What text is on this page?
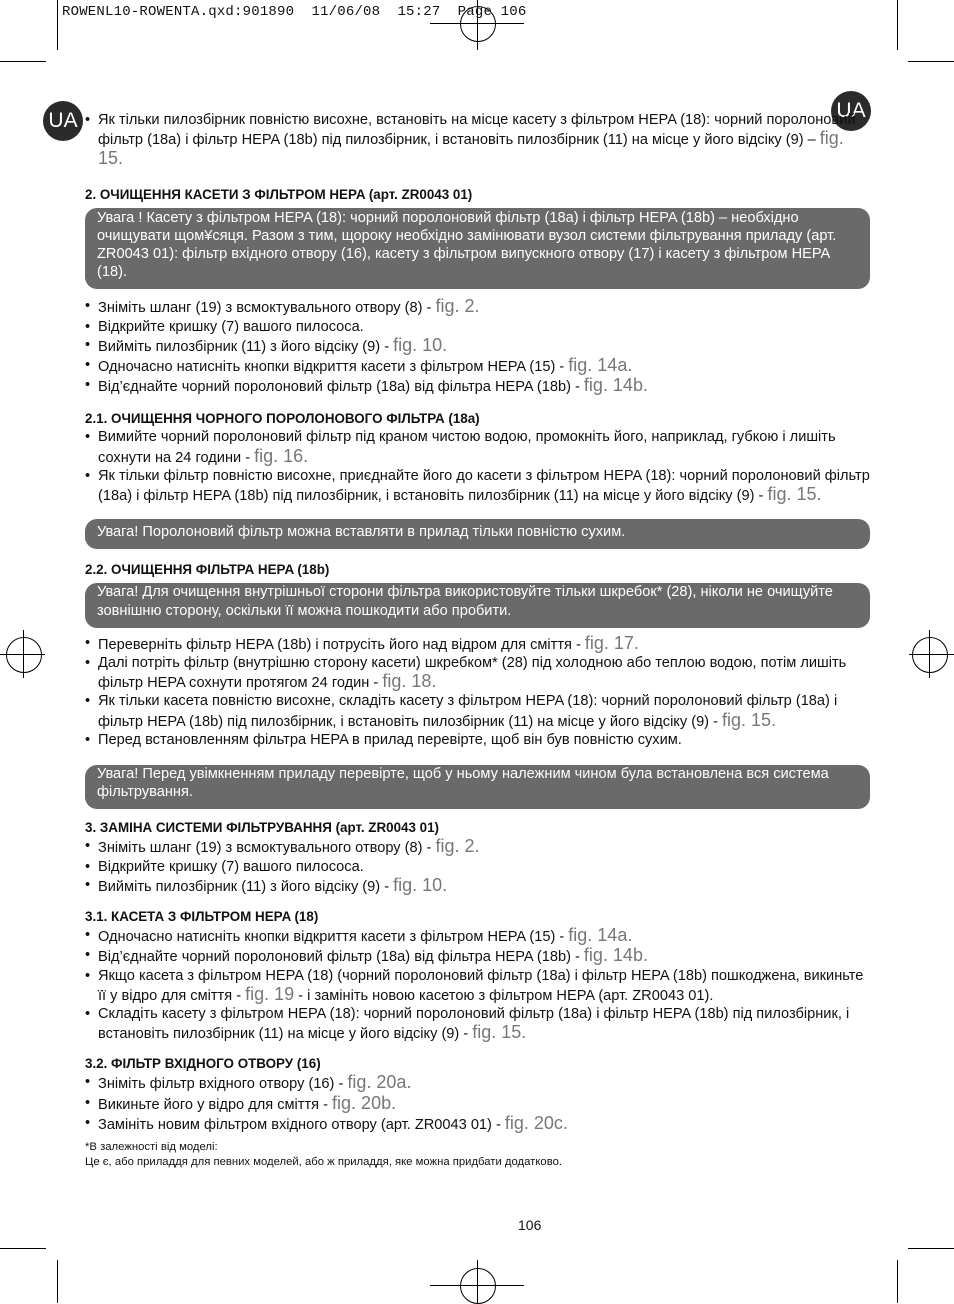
ROWENL10-ROWENTA.qxd:901890  11/06/08  15:27  Page 106
UA	UA
• Як тільки пилозбірник повністю висохне, встановіть на місце касету з фільтром HEPA (18): чорний поролоновий фільтр (18a) і фільтр HEPA (18b) під пилозбірник, і встановіть пилозбірник (11) на місце у його відсіку (9) – fig. 15.
2. ОЧИЩЕННЯ КАСЕТИ З ФІЛЬТРОМ HEPA (арт. ZR0043 01)
Увага ! Касету з фільтром HEPA (18): чорний поролоновий фільтр (18a) і фільтр HEPA (18b) – необхідно очищувати щом¥сяця. Разом з тим, щороку необхідно замінювати вузол системи фільтрування приладу (арт. ZR0043 01): фільтр вхідного отвору (16), касету з фільтром випускного отвору (17) і касету з фільтром HEPA (18).
• Зніміть шланг (19) з всмоктувального отвору (8) - fig. 2.
• Відкрийте кришку (7) вашого пилососа.
• Вийміть пилозбірник (11) з його відсіку (9) - fig. 10.
• Одночасно натисніть кнопки відкриття касети з фільтром HEPA (15) - fig. 14a.
• Від’єднайте чорний поролоновий фільтр (18a) від фільтра HEPA (18b) - fig. 14b.
2.1. ОЧИЩЕННЯ ЧОРНОГО ПОРОЛОНОВОГО ФІЛЬТРА (18a)
• Вимийте чорний поролоновий фільтр під краном чистою водою, промокніть його, наприклад, губкою і лишіть сохнути на 24 години - fig. 16.
• Як тільки фільтр повністю висохне, приєднайте його до касети з фільтром HEPA (18): чорний поролоновий фільтр (18a) і фільтр HEPA (18b) під пилозбірник, і встановіть пилозбірник (11) на місце у його відсіку (9) - fig. 15.
Увага! Поролоновий фільтр можна вставляти в прилад тільки повністю сухим.
2.2. ОЧИЩЕННЯ ФІЛЬТРА HEPA (18b)
Увага! Для очищення внутрішньої сторони фільтра використовуйте тільки шкребок* (28), ніколи не очищуйте зовнішню сторону, оскільки її можна пошкодити або пробити.
• Переверніть фільтр HEPA (18b) і потрусіть його над відром для сміття - fig. 17.
• Далі потріть фільтр (внутрішню сторону касети) шкребком* (28) під холодною або теплою водою, потім лишіть фільтр HEPA сохнути протягом 24 годин - fig. 18.
• Як тільки касета повністю висохне, складіть касету з фільтром HEPA (18): чорний поролоновий фільтр (18a) і фільтр HEPA (18b) під пилозбірник, і встановіть пилозбірник (11) на місце у його відсіку (9) - fig. 15.
• Перед встановленням фільтра HEPA в прилад перевірте, щоб він був повністю сухим.
Увага! Перед увімкненням приладу перевірте, щоб у ньому належним чином була встановлена вся система фільтрування.
3. ЗАМІНА СИСТЕМИ ФІЛЬТРУВАННЯ (арт. ZR0043 01)
• Зніміть шланг (19) з всмоктувального отвору (8) - fig. 2.
• Відкрийте кришку (7) вашого пилососа.
• Вийміть пилозбірник (11) з його відсіку (9) - fig. 10.
3.1. КАСЕТА З ФІЛЬТРОМ HEPA (18)
• Одночасно натисніть кнопки відкриття касети з фільтром HEPA (15) - fig. 14a.
• Від’єднайте чорний поролоновий фільтр (18a) від фільтра HEPA (18b) - fig. 14b.
• Якщо касета з фільтром HEPA (18) (чорний поролоновий фільтр (18a) і фільтр HEPA (18b) пошкоджена, викиньте її у відро для сміття - fig. 19 - і замініть новою касетою з фільтром HEPA (арт. ZR0043 01).
• Складіть касету з фільтром HEPA (18): чорний поролоновий фільтр (18a) і фільтр HEPA (18b) під пилозбірник, і встановіть пилозбірник (11) на місце у його відсіку (9) - fig. 15.
3.2. ФІЛЬТР ВХІДНОГО ОТВОРУ (16)
• Зніміть фільтр вхідного отвору (16) - fig. 20a.
• Викиньте його у відро для сміття - fig. 20b.
• Замініть новим фільтром вхідного отвору (арт. ZR0043 01) - fig. 20c.
*В залежності від моделі:
Це є, або приладдя для певних моделей, або ж приладдя, яке можна придбати додатково.
106
